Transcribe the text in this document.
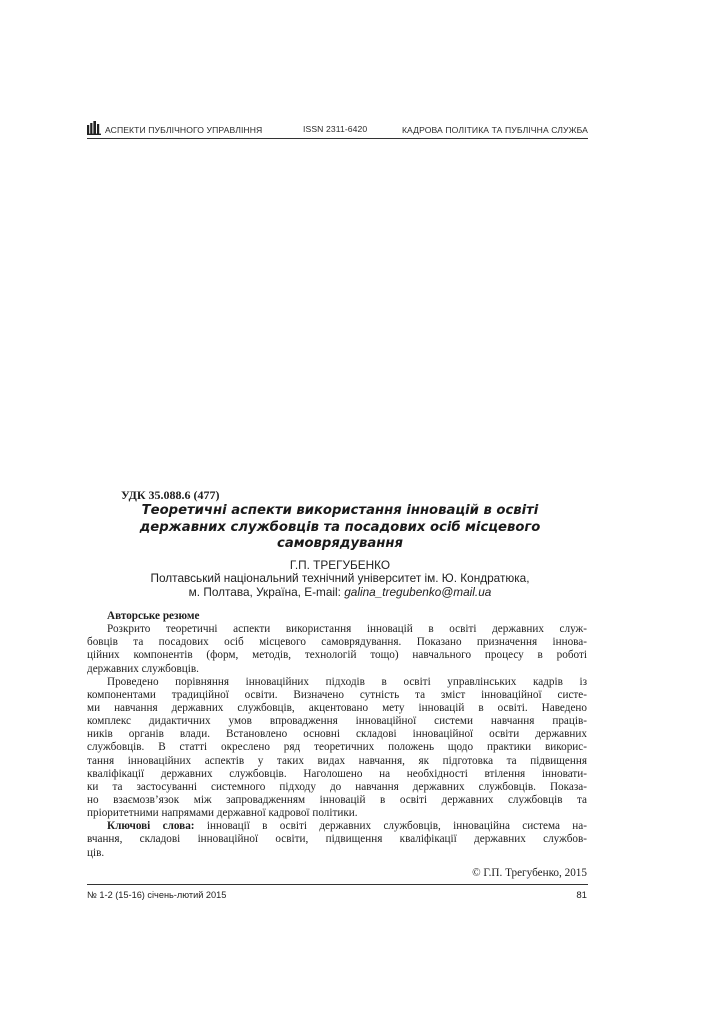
АСПЕКТИ ПУБЛІЧНОГО УПРАВЛІННЯ	ISSN 2311-6420	КАДРОВА ПОЛІТИКА ТА ПУБЛІЧНА СЛУЖБА
УДК 35.088.6 (477)
Теоретичні аспекти використання інновацій в освіті
державних службовців та посадових осіб місцевого
самоврядування
Г.П. ТРЕГУБЕНКО
Полтавський національний технічний університет ім. Ю. Кондратюка,
м. Полтава, Україна, E-mail: galina_tregubenko@mail.ua
Авторське резюме
Розкрито теоретичні аспекти використання інновацій в освіті державних служ-
бовців та посадових осіб місцевого самоврядування. Показано призначення іннова-
ційних компонентів (форм, методів, технологій тощо) навчального процесу в роботі
державних службовців.
Проведено порівняння інноваційних підходів в освіті управлінських кадрів із
компонентами традиційної освіти. Визначено сутність та зміст інноваційної систе-
ми навчання державних службовців, акцентовано мету інновацій в освіті. Наведено
комплекс дидактичних умов впровадження інноваційної системи навчання праців-
ників органів влади. Встановлено основні складові інноваційної освіти державних
службовців. В статті окреслено ряд теоретичних положень щодо практики викорис-
тання інноваційних аспектів у таких видах навчання, як підготовка та підвищення
кваліфікації державних службовців. Наголошено на необхідності втілення інновати-
ки та застосуванні системного підходу до навчання державних службовців. Показа-
но взаємозв’язок між запровадженням інновацій в освіті державних службовців та
пріоритетними напрямами державної кадрової політики.
Ключові слова: інновації в освіті державних службовців, інноваційна система на-
вчання, складові інноваційної освіти, підвищення кваліфікації державних службов-
ців.
© Г.П. Трегубенко, 2015
№ 1-2 (15-16) січень-лютий 2015	81
